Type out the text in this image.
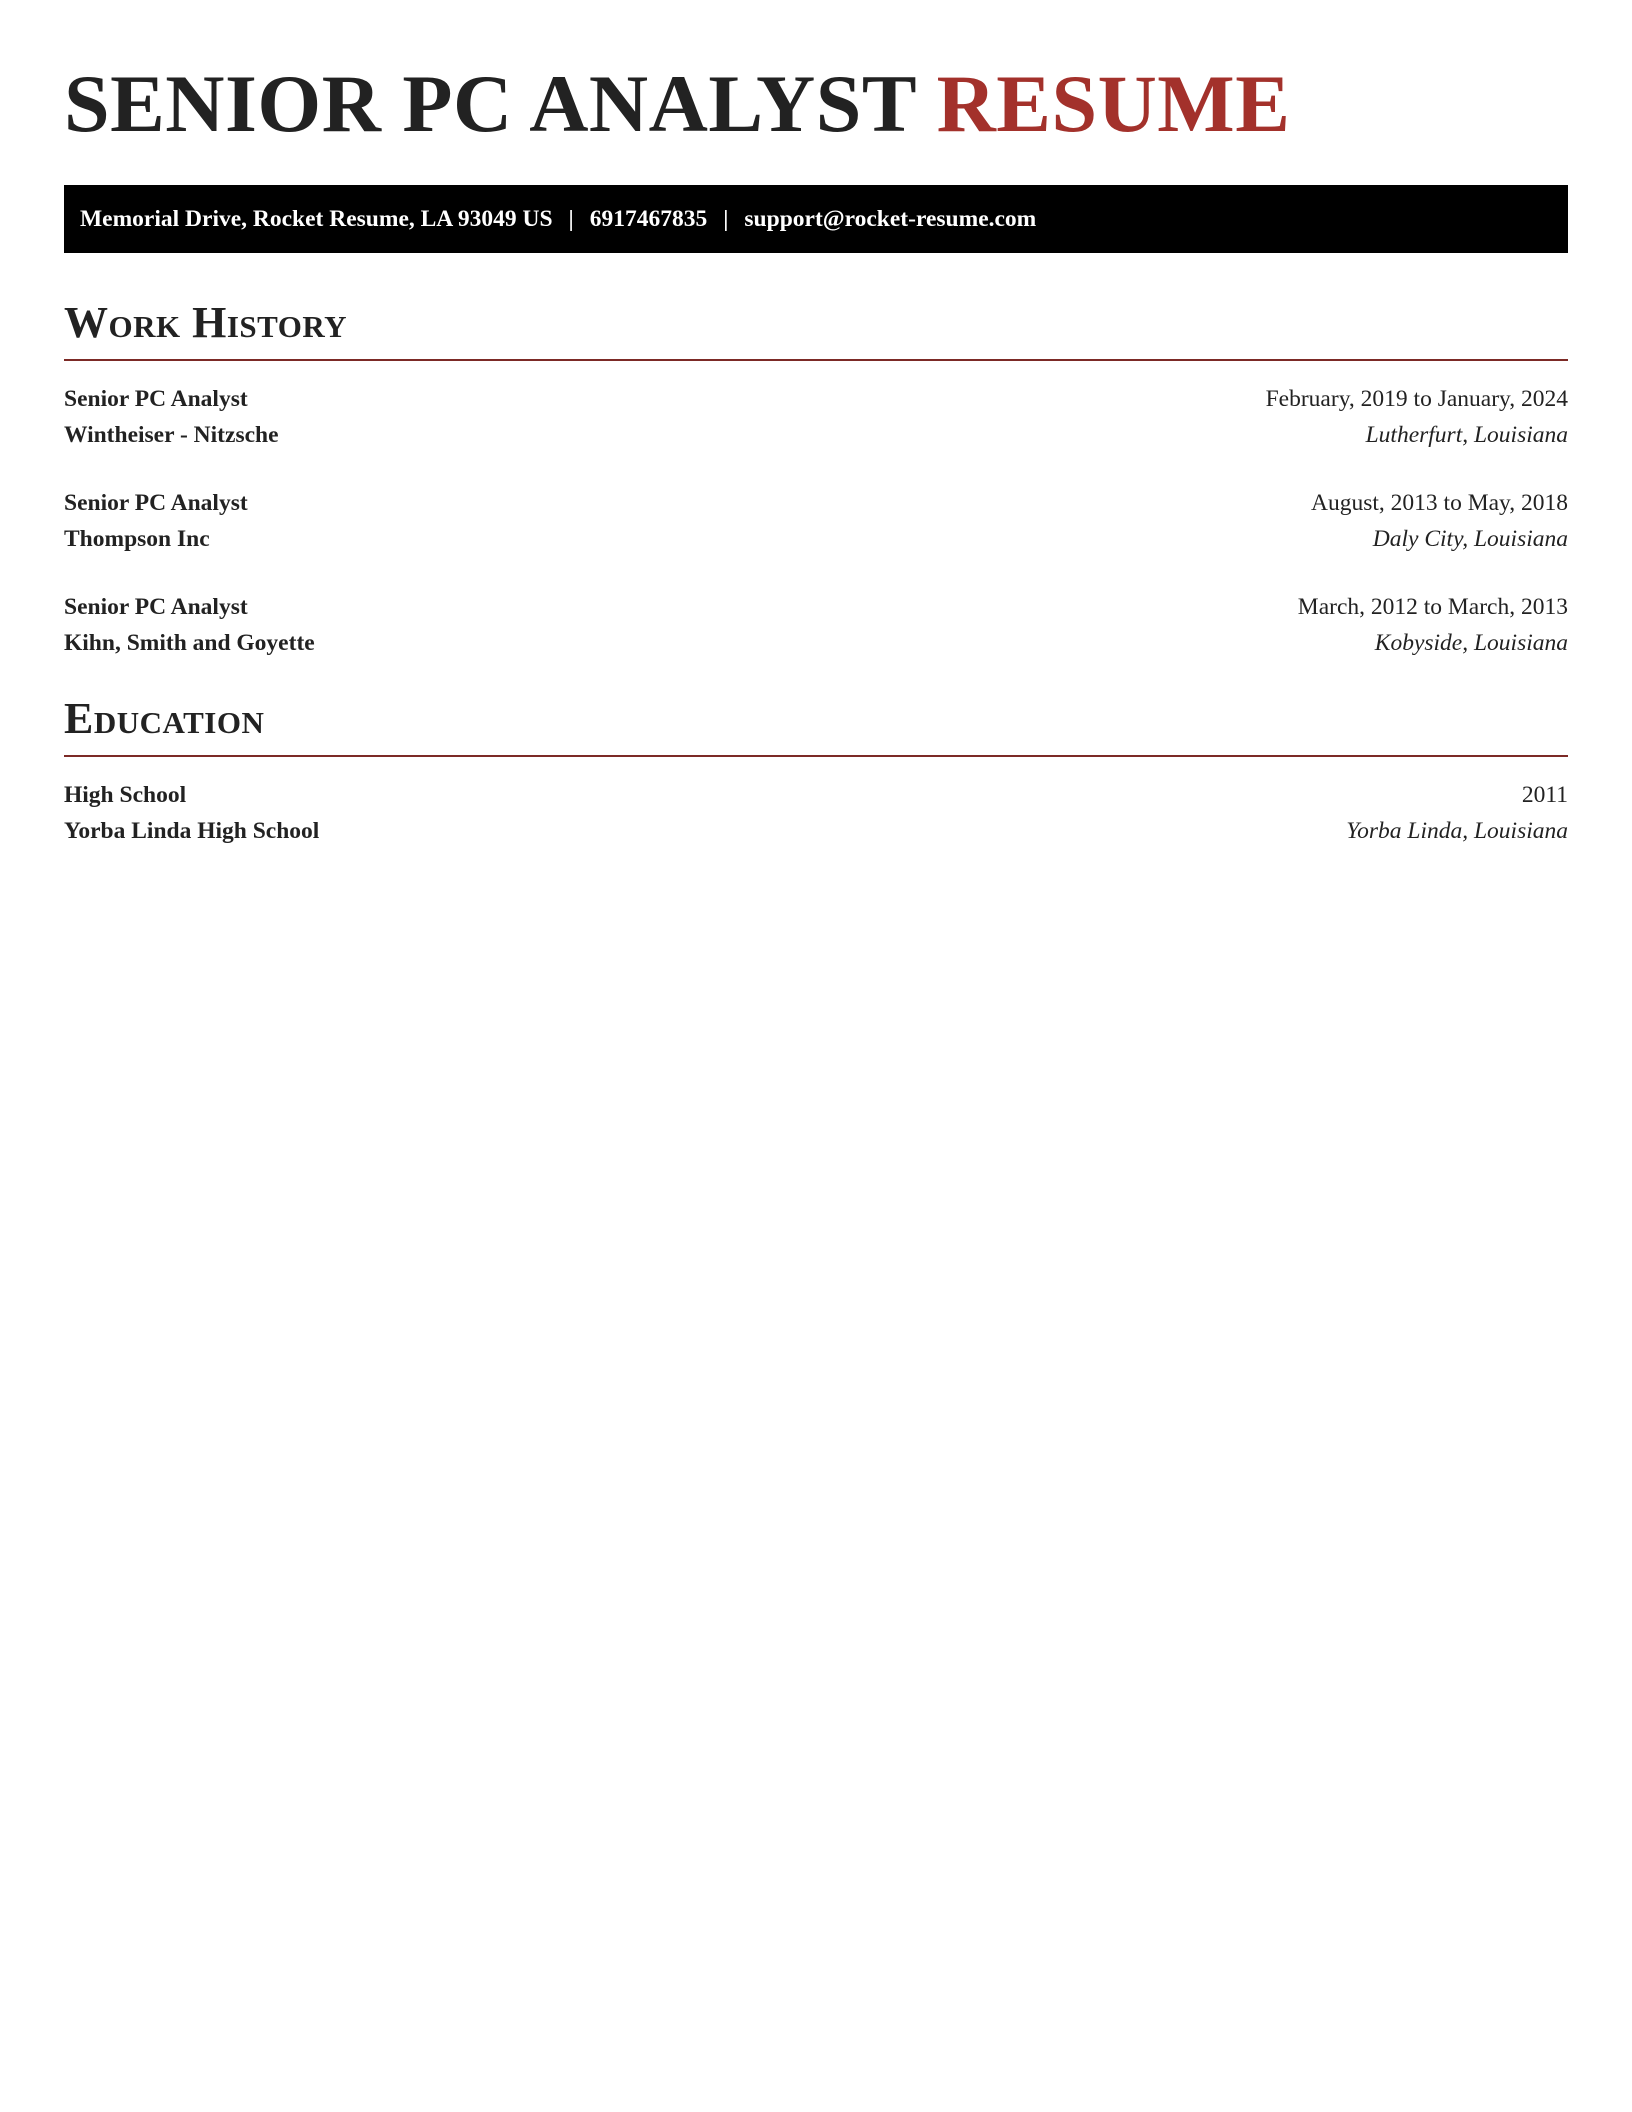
SENIOR PC ANALYST RESUME
Memorial Drive, Rocket Resume, LA 93049 US | 6917467835 | support@rocket-resume.com
Work History
Senior PC Analyst	February, 2019 to January, 2024
Wintheiser - Nitzsche	Lutherfurt, Louisiana
Senior PC Analyst	August, 2013 to May, 2018
Thompson Inc	Daly City, Louisiana
Senior PC Analyst	March, 2012 to March, 2013
Kihn, Smith and Goyette	Kobyside, Louisiana
Education
High School	2011
Yorba Linda High School	Yorba Linda, Louisiana
